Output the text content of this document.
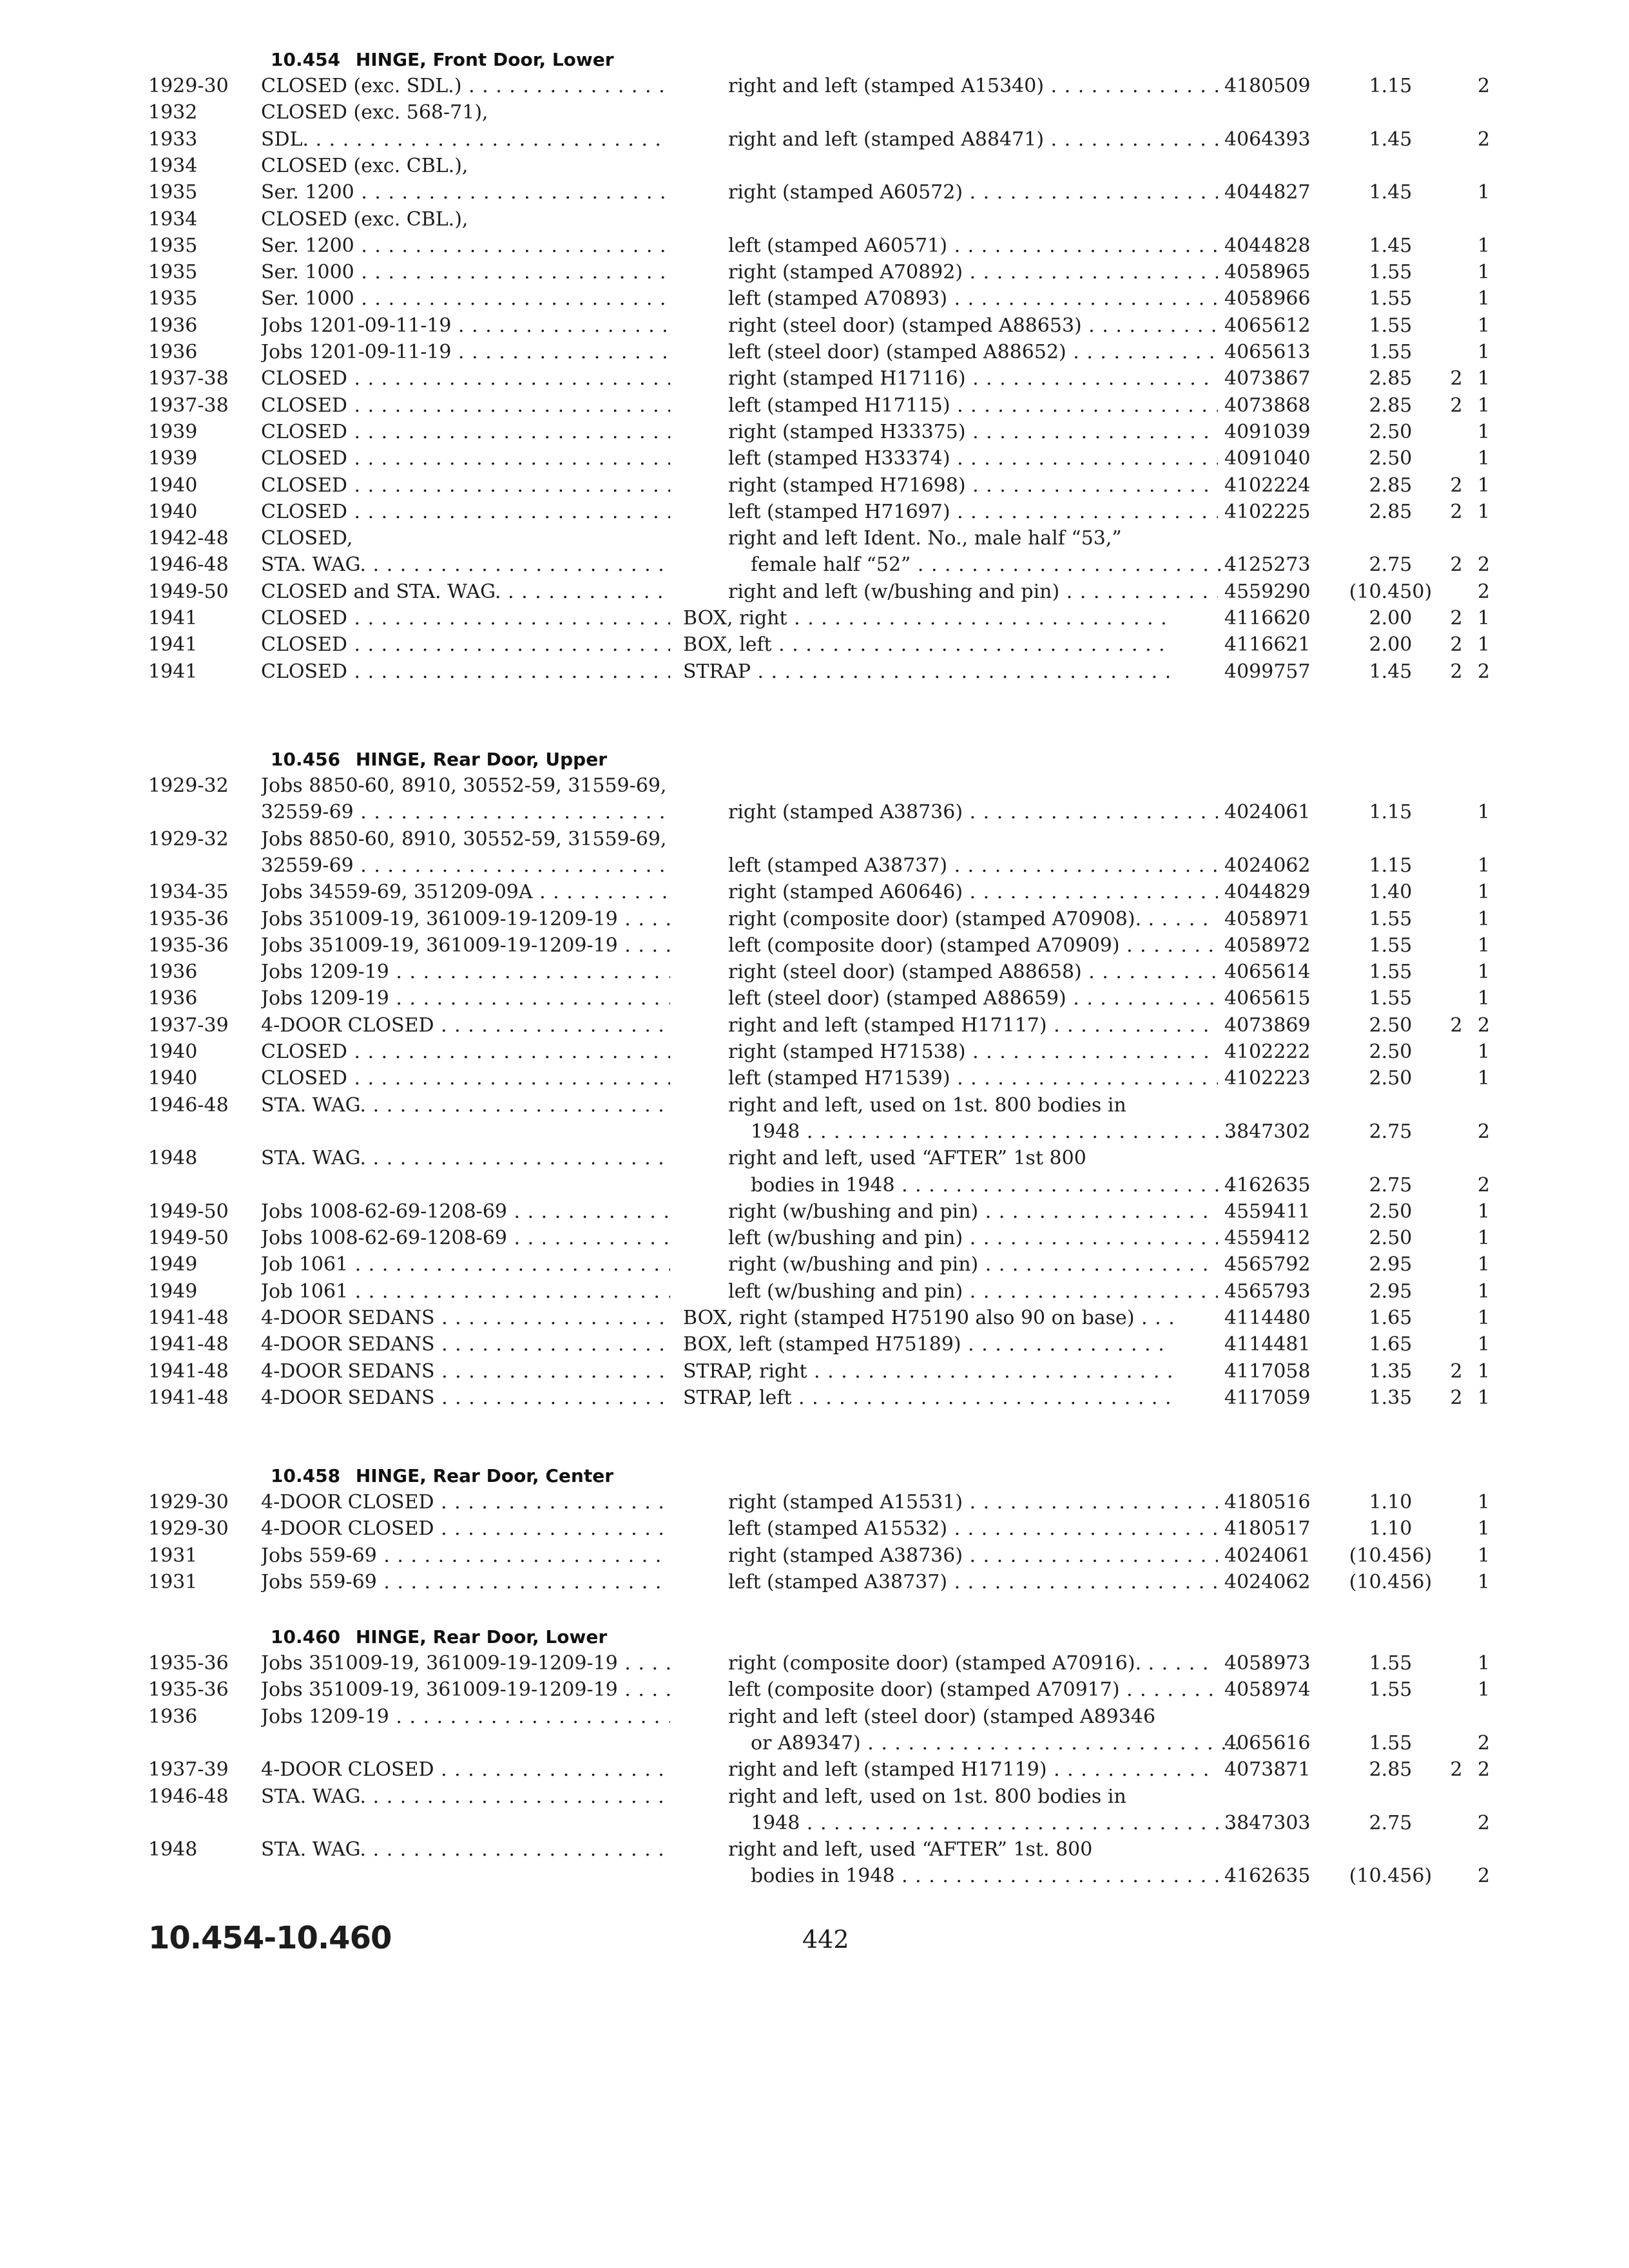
10.454  HINGE, Front Door, Lower
1929-30	CLOSED (exc. SDL.) . . .	right and left (stamped A15340) . . .	4180509	1.15	2
1932	CLOSED (exc. 568-71),
1933	SDL. . . .	right and left (stamped A88471) . . .	4064393	1.45	2
1934	CLOSED (exc. CBL.),
1935	Ser. 1200 . . .	right (stamped A60572) . . .	4044827	1.45	1
1934	CLOSED (exc. CBL.),
1935	Ser. 1200 . . .	left (stamped A60571) . . .	4044828	1.45	1
1935	Ser. 1000 . . .	right (stamped A70892) . . .	4058965	1.55	1
1935	Ser. 1000 . . .	left (stamped A70893) . . .	4058966	1.55	1
1936	Jobs 1201-09-11-19 . . .	right (steel door) (stamped A88653) . . .	4065612	1.55	1
1936	Jobs 1201-09-11-19 . . .	left (steel door) (stamped A88652) . . .	4065613	1.55	1
1937-38	CLOSED . . .	right (stamped H17116) . . .	4073867	2.85	2 1
1937-38	CLOSED . . .	left (stamped H17115) . . .	4073868	2.85	2 1
1939	CLOSED . . .	right (stamped H33375) . . .	4091039	2.50	1
1939	CLOSED . . .	left (stamped H33374) . . .	4091040	2.50	1
1940	CLOSED . . .	right (stamped H71698) . . .	4102224	2.85	2 1
1940	CLOSED . . .	left (stamped H71697) . . .	4102225	2.85	2 1
1942-48	CLOSED,	right and left Ident. No., male half “53,”
1946-48	STA. WAG. . . .	female half “52” . . .	4125273	2.75	2 2
1949-50	CLOSED and STA. WAG. . . .	right and left (w/bushing and pin) . . .	4559290	(10.450)	2
1941	CLOSED . . .	BOX, right . . .	4116620	2.00	2 1
1941	CLOSED . . .	BOX, left . . .	4116621	2.00	2 1
1941	CLOSED . . .	STRAP . . .	4099757	1.45	2 2
10.456  HINGE, Rear Door, Upper
1929-32	Jobs 8850-60, 8910, 30552-59, 31559-69,
32559-69 . . .	right (stamped A38736) . . .	4024061	1.15	1
1929-32	Jobs 8850-60, 8910, 30552-59, 31559-69,
32559-69 . . .	left (stamped A38737) . . .	4024062	1.15	1
1934-35	Jobs 34559-69, 351209-09A . . .	right (stamped A60646) . . .	4044829	1.40	1
1935-36	Jobs 351009-19, 361009-19-1209-19 . . .	right (composite door) (stamped A70908). . . .	4058971	1.55	1
1935-36	Jobs 351009-19, 361009-19-1209-19 . . .	left (composite door) (stamped A70909) . . .	4058972	1.55	1
1936	Jobs 1209-19 . . .	right (steel door) (stamped A88658) . . .	4065614	1.55	1
1936	Jobs 1209-19 . . .	left (steel door) (stamped A88659) . . .	4065615	1.55	1
1937-39	4-DOOR CLOSED . . .	right and left (stamped H17117) . . .	4073869	2.50	2 2
1940	CLOSED . . .	right (stamped H71538) . . .	4102222	2.50	1
1940	CLOSED . . .	left (stamped H71539) . . .	4102223	2.50	1
1946-48	STA. WAG. . . .	right and left, used on 1st. 800 bodies in
1948 . . .	3847302	2.75	2
1948	STA. WAG. . . .	right and left, used “AFTER” 1st 800
bodies in 1948 . . .	4162635	2.75	2
1949-50	Jobs 1008-62-69-1208-69 . . .	right (w/bushing and pin) . . .	4559411	2.50	1
1949-50	Jobs 1008-62-69-1208-69 . . .	left (w/bushing and pin) . . .	4559412	2.50	1
1949	Job 1061 . . .	right (w/bushing and pin) . . .	4565792	2.95	1
1949	Job 1061 . . .	left (w/bushing and pin) . . .	4565793	2.95	1
1941-48	4-DOOR SEDANS . . .	BOX, right (stamped H75190 also 90 on base) . . .	4114480	1.65	1
1941-48	4-DOOR SEDANS . . .	BOX, left (stamped H75189) . . .	4114481	1.65	1
1941-48	4-DOOR SEDANS . . .	STRAP, right . . .	4117058	1.35	2 1
1941-48	4-DOOR SEDANS . . .	STRAP, left . . .	4117059	1.35	2 1
10.458  HINGE, Rear Door, Center
1929-30	4-DOOR CLOSED . . .	right (stamped A15531) . . .	4180516	1.10	1
1929-30	4-DOOR CLOSED . . .	left (stamped A15532) . . .	4180517	1.10	1
1931	Jobs 559-69 . . .	right (stamped A38736) . . .	4024061	(10.456)	1
1931	Jobs 559-69 . . .	left (stamped A38737) . . .	4024062	(10.456)	1
10.460  HINGE, Rear Door, Lower
1935-36	Jobs 351009-19, 361009-19-1209-19 . . .	right (composite door) (stamped A70916). . . .	4058973	1.55	1
1935-36	Jobs 351009-19, 361009-19-1209-19 . . .	left (composite door) (stamped A70917) . . .	4058974	1.55	1
1936	Jobs 1209-19 . . .	right and left (steel door) (stamped A89346
or A89347) . . .	4065616	1.55	2
1937-39	4-DOOR CLOSED . . .	right and left (stamped H17119) . . .	4073871	2.85	2 2
1946-48	STA. WAG. . . .	right and left, used on 1st. 800 bodies in
1948 . . .	3847303	2.75	2
1948	STA. WAG. . . .	right and left, used “AFTER” 1st. 800
bodies in 1948 . . .	4162635	(10.456)	2
10.454-10.460	442
